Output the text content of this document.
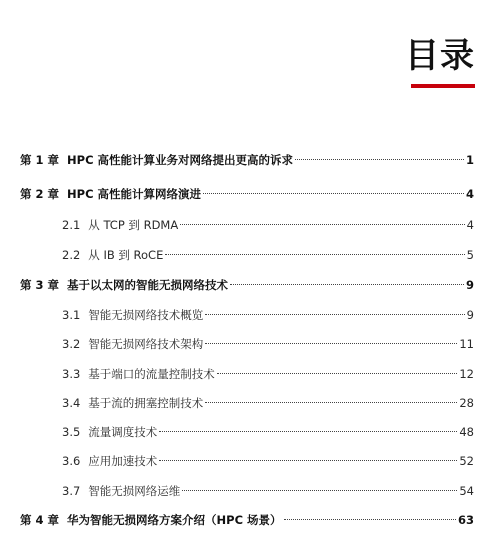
目录
第 1 章 HPC 高性能计算业务对网络提出更高的诉求	1
第 2 章 HPC 高性能计算网络演进	4
2.1 从 TCP 到 RDMA	4
2.2 从 IB 到 RoCE	5
第 3 章 基于以太网的智能无损网络技术	9
3.1 智能无损网络技术概览	9
3.2 智能无损网络技术架构	11
3.3 基于端口的流量控制技术	12
3.4 基于流的拥塞控制技术	28
3.5 流量调度技术	48
3.6 应用加速技术	52
3.7 智能无损网络运维	54
第 4 章 华为智能无损网络方案介绍（HPC 场景）	63
